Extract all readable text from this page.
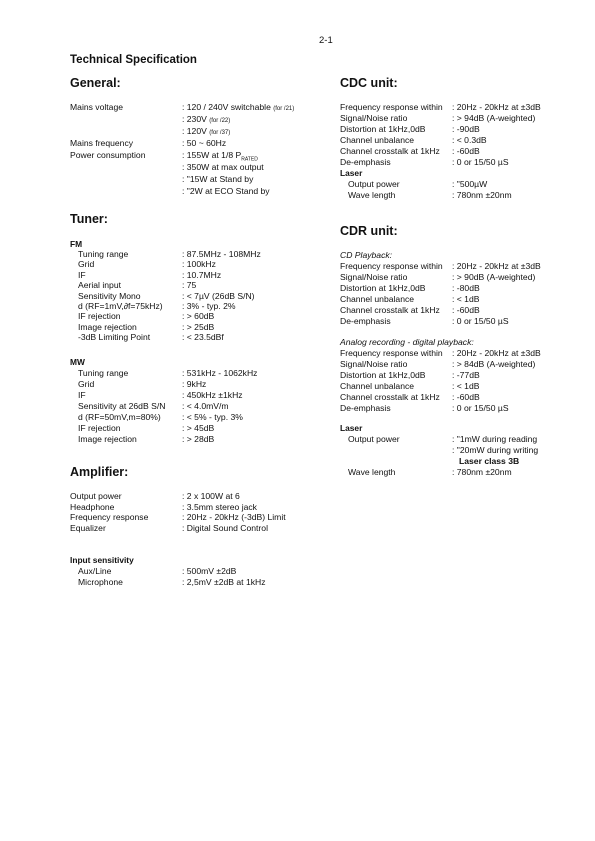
2-1
Technical Specification
General:
Mains voltage	: 120 / 240V switchable (for /21)
: 230V (for /22)
: 120V (for /37)
Mains frequency	: 50 ~ 60Hz
Power consumption	: 155W at 1/8 $P_{RATED}$
: 350W at max output
: "15W at Stand by
: "2W at ECO Stand by
Tuner:
FM
Tuning range	: 87.5MHz - 108MHz
Grid	: 100kHz
IF	: 10.7MHz
Aerial input	: 75
Sensitivity Mono	: < 7µV (26dB S/N)
d (RF=1mV,∂f=75kHz) : 3% - typ. 2%
IF rejection	: > 60dB
Image rejection	: > 25dB
-3dB Limiting Point	: < 23.5dBf
MW
Tuning range	: 531kHz - 1062kHz
Grid	: 9kHz
IF	: 450kHz ±1kHz
Sensitivity at 26dB S/N : < 4.0mV/m
d (RF=50mV,m=80%) : < 5% - typ. 3%
IF rejection	: > 45dB
Image rejection	: > 28dB
Amplifier:
Output power	: 2 x 100W at 6
Headphone	: 3.5mm stereo jack
Frequency response	: 20Hz - 20kHz (-3dB) Limit
Equalizer	: Digital Sound Control
Input sensitivity
Aux/Line	: 500mV ±2dB
Microphone	: 2,5mV ±2dB at 1kHz
CDC unit:
Frequency response within : 20Hz - 20kHz at ±3dB
Signal/Noise ratio	: > 94dB (A-weighted)
Distortion at 1kHz,0dB	: -90dB
Channel unbalance	: < 0.3dB
Channel crosstalk at 1kHz : -60dB
De-emphasis	: 0 or 15/50 µS
Laser
Output power	: "500µW
Wave length	: 780nm ±20nm
CDR unit:
CD Playback:
Frequency response within : 20Hz - 20kHz at ±3dB
Signal/Noise ratio	: > 90dB (A-weighted)
Distortion at 1kHz,0dB	: -80dB
Channel unbalance	: < 1dB
Channel crosstalk at 1kHz : -60dB
De-emphasis	: 0 or 15/50 µS
Analog recording - digital playback:
Frequency response within : 20Hz - 20kHz at ±3dB
Signal/Noise ratio	: > 84dB (A-weighted)
Distortion at 1kHz,0dB	: -77dB
Channel unbalance	: < 1dB
Channel crosstalk at 1kHz : -60dB
De-emphasis	: 0 or 15/50 µS
Laser
Output power	: "1mW during reading
: "20mW during writing
Laser class 3B
Wave length	: 780nm ±20nm
